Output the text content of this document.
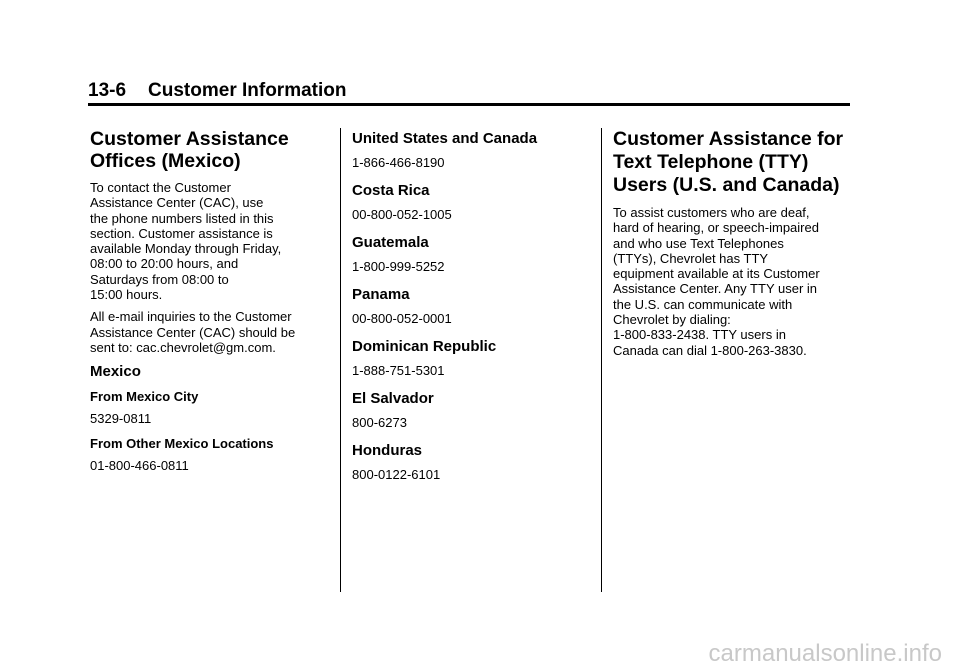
13-6 Customer Information
Customer Assistance
Offices (Mexico)
To contact the Customer
Assistance Center (CAC), use
the phone numbers listed in this
section. Customer assistance is
available Monday through Friday,
08:00 to 20:00 hours, and
Saturdays from 08:00 to
15:00 hours.
All e-mail inquiries to the Customer
Assistance Center (CAC) should be
sent to: cac.chevrolet@gm.com.
Mexico
From Mexico City
5329-0811
From Other Mexico Locations
01-800-466-0811
United States and Canada
1-866-466-8190
Costa Rica
00-800-052-1005
Guatemala
1-800-999-5252
Panama
00-800-052-0001
Dominican Republic
1-888-751-5301
El Salvador
800-6273
Honduras
800-0122-6101
Customer Assistance for
Text Telephone (TTY)
Users (U.S. and Canada)
To assist customers who are deaf,
hard of hearing, or speech-impaired
and who use Text Telephones
(TTYs), Chevrolet has TTY
equipment available at its Customer
Assistance Center. Any TTY user in
the U.S. can communicate with
Chevrolet by dialing:
1-800-833-2438. TTY users in
Canada can dial 1-800-263-3830.
carmanualsonline.info
